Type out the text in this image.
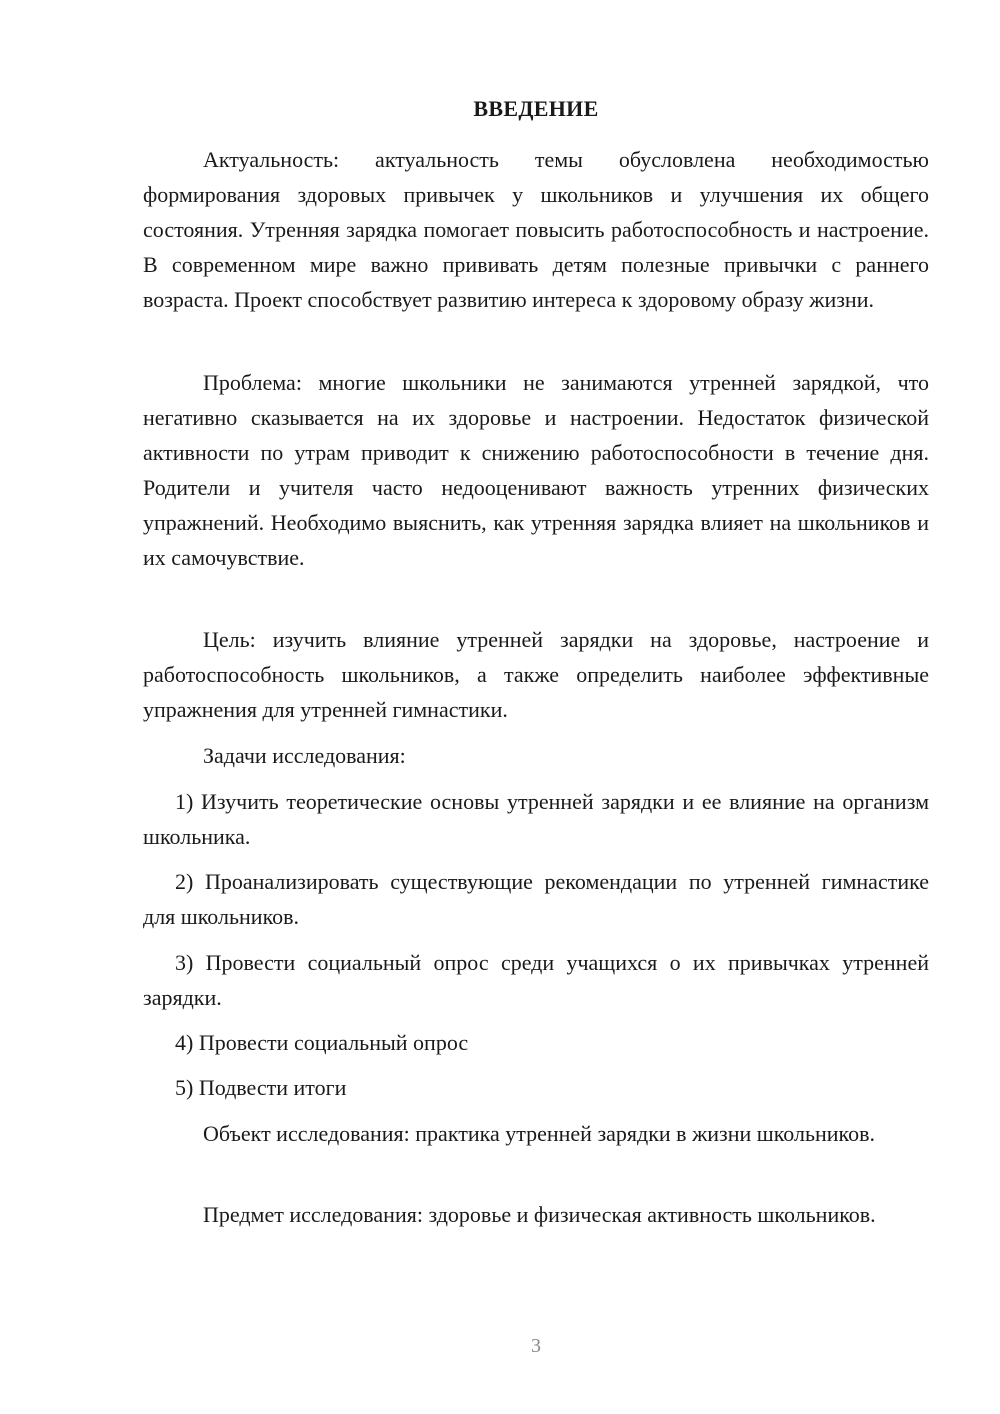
ВВЕДЕНИЕ

Актуальность: актуальность темы обусловлена необходимостью формирования здоровых привычек у школьников и улучшения их общего состояния. Утренняя зарядка помогает повысить работоспособность и настроение. В современном мире важно прививать детям полезные привычки с раннего возраста. Проект способствует развитию интереса к здоровому образу жизни.

Проблема: многие школьники не занимаются утренней зарядкой, что негативно сказывается на их здоровье и настроении. Недостаток физической активности по утрам приводит к снижению работоспособности в течение дня. Родители и учителя часто недооценивают важность утренних физических упражнений. Необходимо выяснить, как утренняя зарядка влияет на школьников и их самочувствие.

Цель: изучить влияние утренней зарядки на здоровье, настроение и работоспособность школьников, а также определить наиболее эффективные упражнения для утренней гимнастики.

Задачи исследования:

1) Изучить теоретические основы утренней зарядки и ее влияние на организм школьника.

2) Проанализировать существующие рекомендации по утренней гимнастике для школьников.

3) Провести социальный опрос среди учащихся о их привычках утренней зарядки.

4) Провести социальный опрос

5) Подвести итоги

Объект исследования: практика утренней зарядки в жизни школьников.

Предмет исследования: здоровье и физическая активность школьников.

3
